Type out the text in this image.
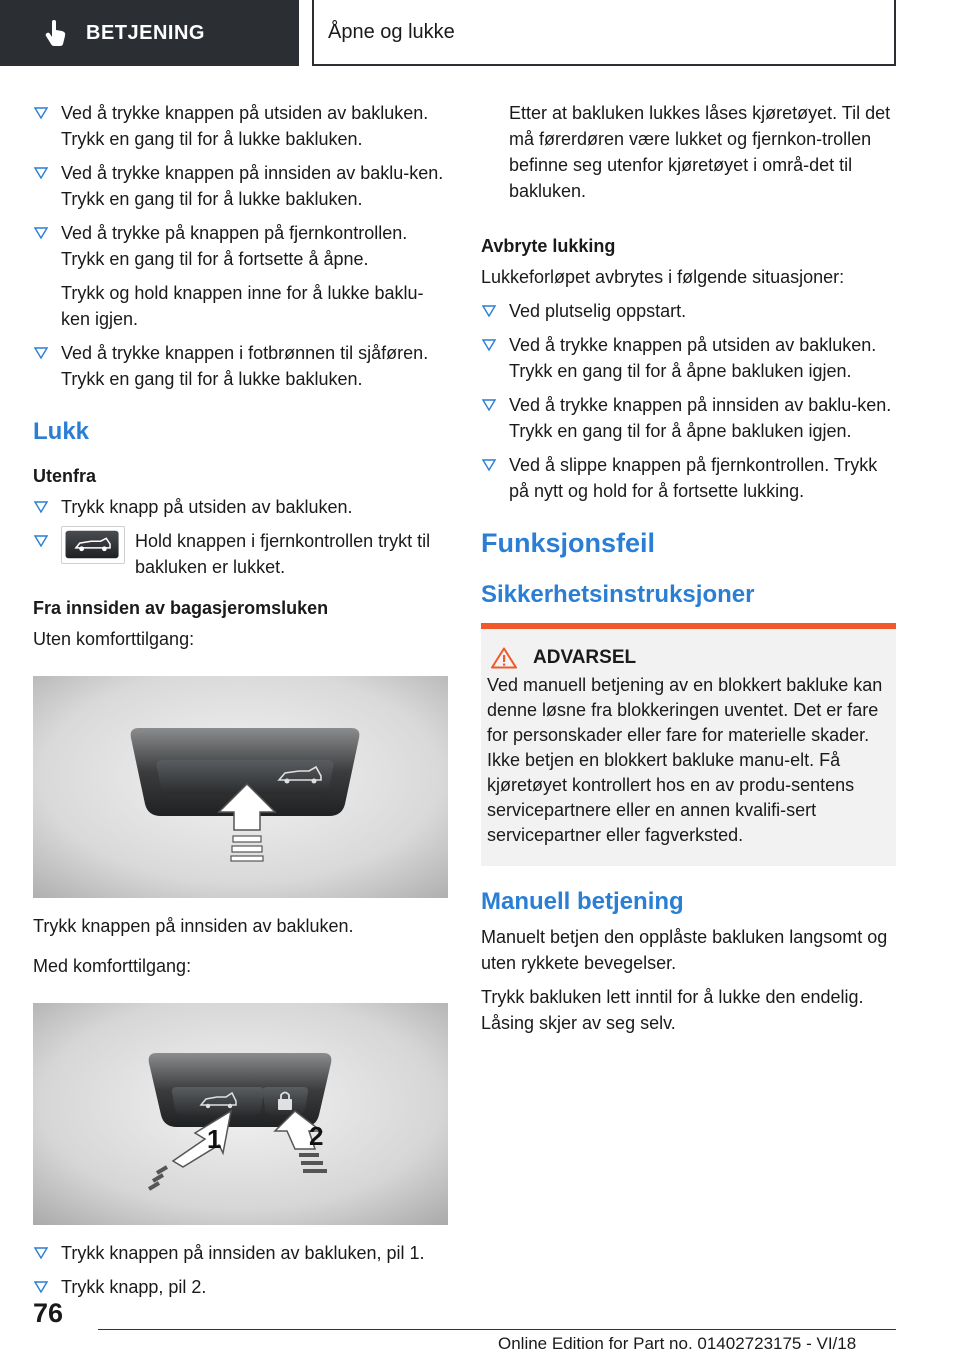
BETJENING	Åpne og lukke

Ved å trykke knappen på utsiden av bakluken. Trykk en gang til for å lukke bakluken.

Ved å trykke knappen på innsiden av baklu-ken. Trykk en gang til for å lukke bakluken.

Ved å trykke på knappen på fjernkontrollen. Trykk en gang til for å fortsette å åpne.

Trykk og hold knappen inne for å lukke baklu-ken igjen.

Ved å trykke knappen i fotbrønnen til sjåføren. Trykk en gang til for å lukke bakluken.

Lukk
Utenfra

Trykk knapp på utsiden av bakluken.

Hold knappen i fjernkontrollen trykt til bakluken er lukket.

Fra innsiden av bagasjeromsluken

Uten komforttilgang:

Trykk knappen på innsiden av bakluken.

Med komforttilgang:

1	2

Trykk knappen på innsiden av bakluken, pil 1.

Trykk knapp, pil 2.

Etter at bakluken lukkes låses kjøretøyet. Til det må førerdøren være lukket og fjernkon-trollen befinne seg utenfor kjøretøyet i områ-det til bakluken.

Avbryte lukking

Lukkeforløpet avbrytes i følgende situasjoner:

Ved plutselig oppstart.

Ved å trykke knappen på utsiden av bakluken. Trykk en gang til for å åpne bakluken igjen.

Ved å trykke knappen på innsiden av baklu-ken. Trykk en gang til for å åpne bakluken igjen.

Ved å slippe knappen på fjernkontrollen. Trykk på nytt og hold for å fortsette lukking.

Funksjonsfeil
Sikkerhetsinstruksjoner
ADVARSEL

Ved manuell betjening av en blokkert bakluke kan denne løsne fra blokkeringen uventet. Det er fare for personskader eller fare for materielle skader. Ikke betjen en blokkert bakluke manu-elt. Få kjøretøyet kontrollert hos en av produ-sentens servicepartnere eller en annen kvalifi-sert servicepartner eller fagverksted.

Manuell betjening

Manuelt betjen den opplåste bakluken langsomt og uten rykkete bevegelser.

Trykk bakluken lett inntil for å lukke den endelig. Låsing skjer av seg selv.

76
Online Edition for Part no. 01402723175 - VI/18
